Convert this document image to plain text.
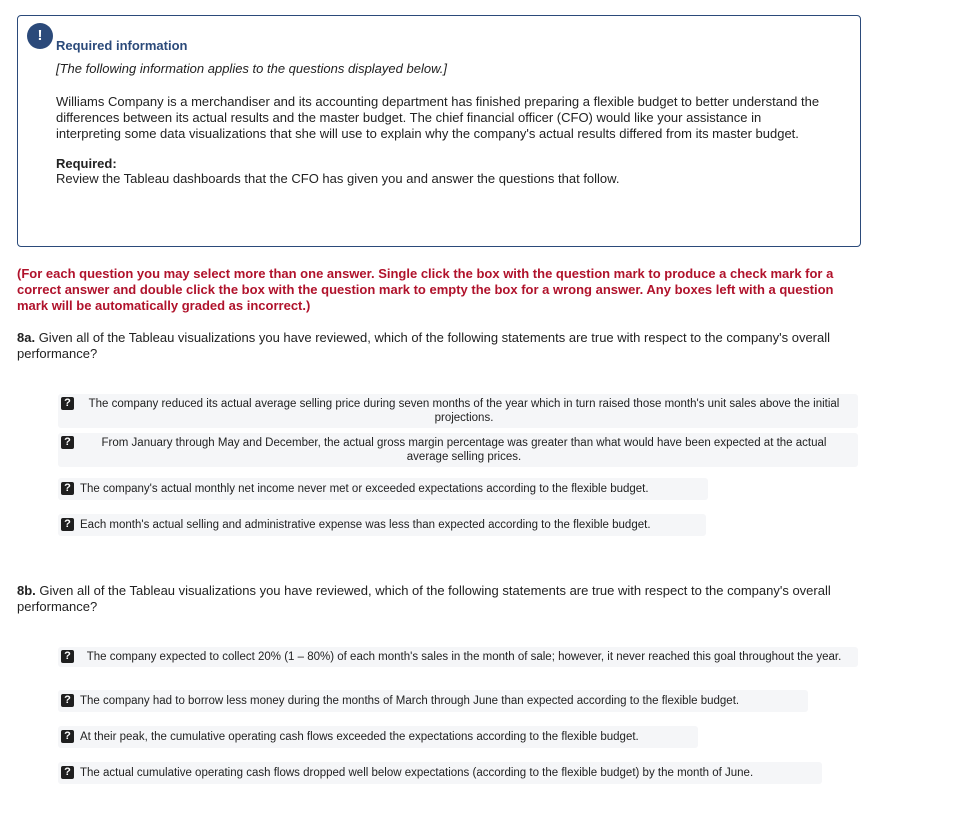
!

Required information

[The following information applies to the questions displayed below.]

Williams Company is a merchandiser and its accounting department has finished preparing a flexible budget to better understand the differences between its actual results and the master budget. The chief financial officer (CFO) would like your assistance in interpreting some data visualizations that she will use to explain why the company's actual results differed from its master budget.

Required:

Review the Tableau dashboards that the CFO has given you and answer the questions that follow.

(For each question you may select more than one answer. Single click the box with the question mark to produce a check mark for a correct answer and double click the box with the question mark to empty the box for a wrong answer. Any boxes left with a question mark will be automatically graded as incorrect.)

8a. Given all of the Tableau visualizations you have reviewed, which of the following statements are true with respect to the company's overall performance?

? The company reduced its actual average selling price during seven months of the year which in turn raised those month's unit sales above the initial projections.
?	From January through May and December, the actual gross margin percentage was greater than what would have been expected at the actual average selling prices.
? The company's actual monthly net income never met or exceeded expectations according to the flexible budget.
? Each month's actual selling and administrative expense was less than expected according to the flexible budget.

8b. Given all of the Tableau visualizations you have reviewed, which of the following statements are true with respect to the company's overall performance?

? The company expected to collect 20% (1 – 80%) of each month's sales in the month of sale; however, it never reached this goal throughout the year.
? The company had to borrow less money during the months of March through June than expected according to the flexible budget.
? At their peak, the cumulative operating cash flows exceeded the expectations according to the flexible budget.
? The actual cumulative operating cash flows dropped well below expectations (according to the flexible budget) by the month of June.
